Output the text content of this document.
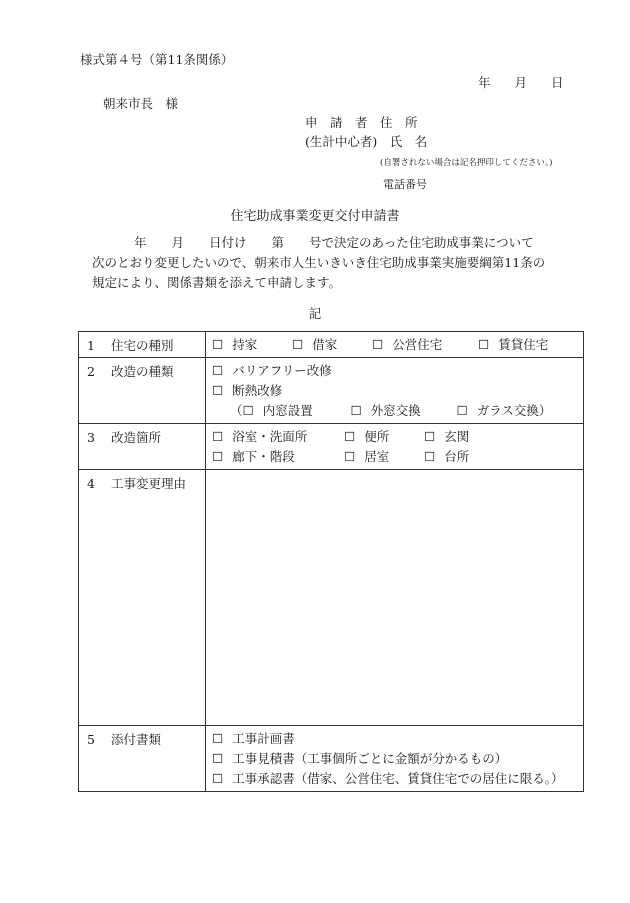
様式第４号（第11条関係）
年 月 日
朝来市長　様
申　請　者　住　所
(生計中心者)　氏　名
(自署されない場合は記名押印してください。)
電話番号
住宅助成事業変更交付申請書
年　　月　　日付け　　第　　号で決定のあった住宅助成事業について
次のとおり変更したいので、朝来市人生いきいき住宅助成事業実施要綱第11条の
規定により、関係書類を添えて申請します。
記
1 住宅の種別	☐ 持家 ☐ 借家 ☐ 公営住宅 ☐ 賃貸住宅

2 改造の種類	☐ バリアフリー改修
☐ 断熱改修
（☐ 内窓設置 ☐ 外窓交換 ☐ ガラス交換）

3 改造箇所	☐ 浴室・洗面所 ☐ 便所 ☐ 玄関
☐ 廊下・階段 ☐ 居室 ☐ 台所

4 工事変更理由	
5 添付書類	☐ 工事計画書
☐ 工事見積書（工事個所ごとに金額が分かるもの）
☐ 工事承認書（借家、公営住宅、賃貸住宅での居住に限る。）
